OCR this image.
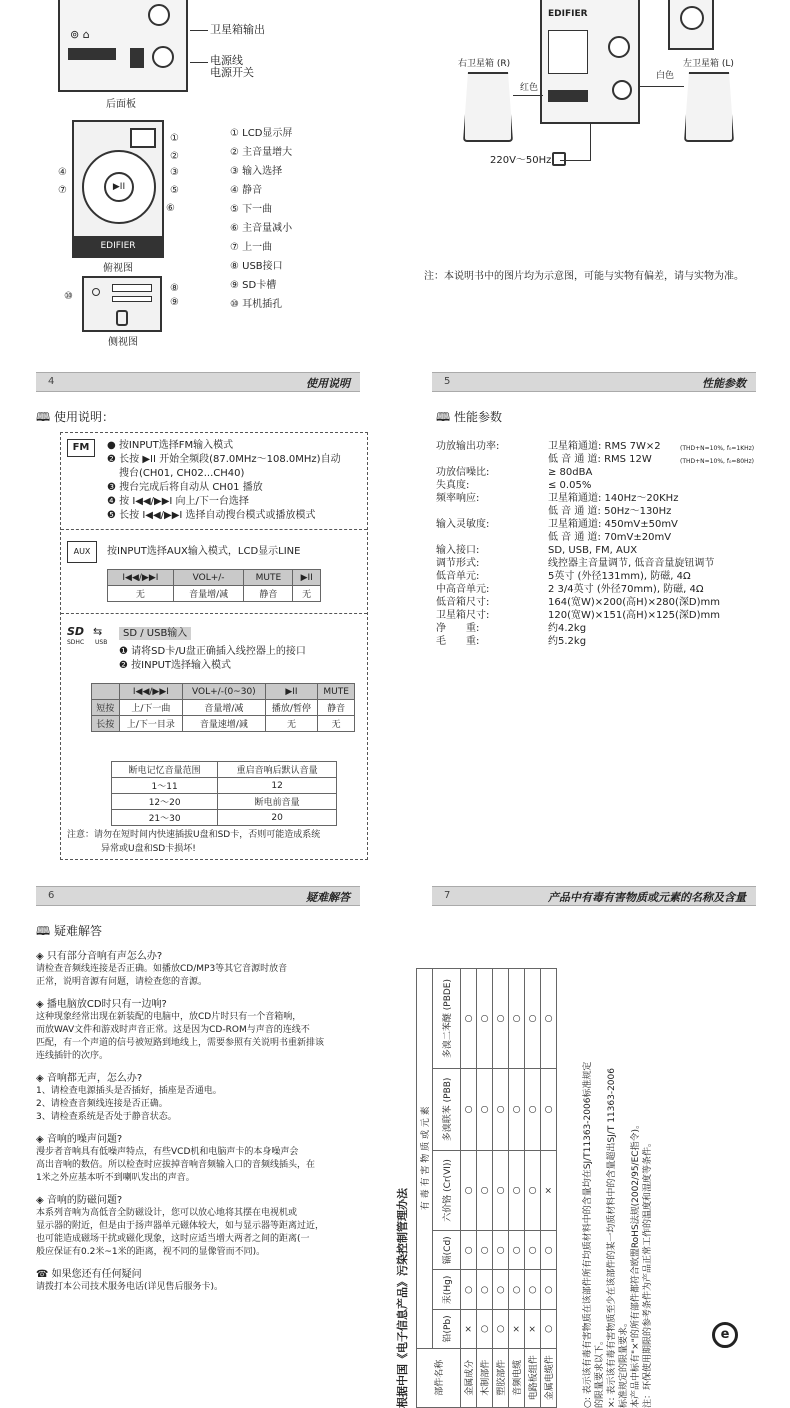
⊚ ⌂	卫星箱输出
电源线
电源开关
后面板
▶II
EDIFIER
俯视图
①
②
③
④
⑦	⑤
⑥
① LCD显示屏
② 主音量增大
③ 输入选择
④ 静音
⑤ 下一曲
⑥ 主音量减小
⑦ 上一曲
⑧ USB接口
⑨ SD卡槽
⑩ 耳机插孔
⑩
⑧
⑨
侧视图
EDIFIER
右卫星箱 (R)	左卫星箱 (L)
红色
白色
220V～50Hz
注：本说明书中的图片均为示意图，可能与实物有偏差，请与实物为准。
4	使用说明
🕮 使用说明：
FM	● 按INPUT选择FM输入模式
❷ 长按 ▶II 开始全频段(87.0MHz～108.0MHz)自动
搜台(CH01, CH02...CH40)
❸ 搜台完成后将自动从 CH01 播放
❹ 按 I◀◀/▶▶I 向上/下一台选择
❺ 长按 I◀◀/▶▶I 选择自动搜台模式或播放模式
AUX	按INPUT选择AUX输入模式，LCD显示LINE
I◀◀/▶▶I	VOL+/-	MUTE	▶II
无	音量增/减	静音	无
SD ⇆
SDHC USB
SD / USB输入
❶ 请将SD卡/U盘正确插入线控器上的接口
❷ 按INPUT选择输入模式
	I◀◀/▶▶I	VOL+/-(0~30)	▶II	MUTE
短按	上/下一曲	音量增/减	播放/暂停	静音
长按	上/下一目录	音量速增/减	无	无
断电记忆音量范围	重启音响后默认音量
1～11	12
12～20	断电前音量
21～30	20
注意：请勿在短时间内快速插拔U盘和SD卡，否则可能造成系统
异常或U盘和SD卡损坏!
5	性能参数
🕮 性能参数
功放输出功率:	卫星箱通道: RMS 7W×2	(THD+N=10%, f₀=1KHz)
低 音 通 道: RMS 12W	(THD+N=10%, f₀=80Hz)
功放信噪比:	≥ 80dBA
失真度:	≤ 0.05%
频率响应:	卫星箱通道: 140Hz～20KHz
低 音 通 道: 50Hz～130Hz
输入灵敏度:	卫星箱通道: 450mV±50mV
低 音 通 道: 70mV±20mV
输入接口:	SD, USB, FM, AUX
调节形式:	线控器主音量调节, 低音音量旋钮调节
低音单元:	5英寸 (外径131mm), 防磁, 4Ω
中高音单元:	2 3/4英寸 (外径70mm), 防磁, 4Ω
低音箱尺寸:	164(宽W)×200(高H)×280(深D)mm
卫星箱尺寸:	120(宽W)×151(高H)×125(深D)mm
净　　重:	约4.2kg
毛　　重:	约5.2kg
6	疑难解答
🕮 疑难解答
◈ 只有部分音响有声怎么办?
请检查音频线连接是否正确。如播放CD/MP3等其它音源时放音
正常，说明音源有问题，请检查您的音源。
◈ 播电脑放CD时只有一边响?
这种现象经常出现在新装配的电脑中，放CD片时只有一个音箱响，
而放WAV文件和游戏时声音正常。这是因为CD-ROM与声音的连线不
匹配，有一个声道的信号被短路到地线上，需要参照有关说明书重新排该
连线插针的次序。
◈ 音响都无声，怎么办?
1、请检查电源插头是否插好，插座是否通电。
2、请检查音频线连接是否正确。
3、请检查系统是否处于静音状态。
◈ 音响的噪声问题?
漫步者音响具有低噪声特点，有些VCD机和电脑声卡的本身噪声会
高出音响的数倍。所以检查时应拔掉音响音频输入口的音频线插头，在
1米之外应基本听不到喇叭发出的声音。
◈ 音响的防磁问题?
本系列音响为高低音全防磁设计，您可以放心地将其摆在电视机或
显示器的附近，但是由于扬声器单元磁体较大，如与显示器等距离过近，
也可能造成磁场干扰或磁化现象，这时应适当增大两者之间的距离(一
般应保证有0.2米~1米的距离，视不同的显像管而不同)。
☎ 如果您还有任何疑问
请拨打本公司技术服务电话(详见售后服务卡)。
7	产品中有毒有害物质或元素的名称及含量
根据中国《电子信息产品》污染控制管理办法	部件名称	有 毒 有 害 物 质 或 元 素					
	铅(Pb)	汞(Hg)	镉(Cd)	六价铬 (Cr(VI))	多溴联苯 (PBB)	多溴二苯醚 (PBDE)
金属成分	×	○	○	○	○	○
木制部件	○	○	○	○	○	○
塑胶部件	○	○	○	○	○	○
音频电缆	×	○	○	○	○	○
电路板组件	×	○	○	○	○	○
金属电缆件	○	○	○	×	○	○
○: 表示该有毒有害物质在该部件所有均质材料中的含量均在SJ/T11363-2006标准规定 的限量要求以下。 ×: 表示该有毒有害物质至少在该部件的某一均质材料中的含量超出SJ/T 11363-2006 标准规定的限量要求。 本产品中标有"×"的所有部件都符合欧盟RoHS法规(2002/95/EC指令)。 注：环保使用期限的参考条件为产品正常工作的温度和湿度等条件。	e
